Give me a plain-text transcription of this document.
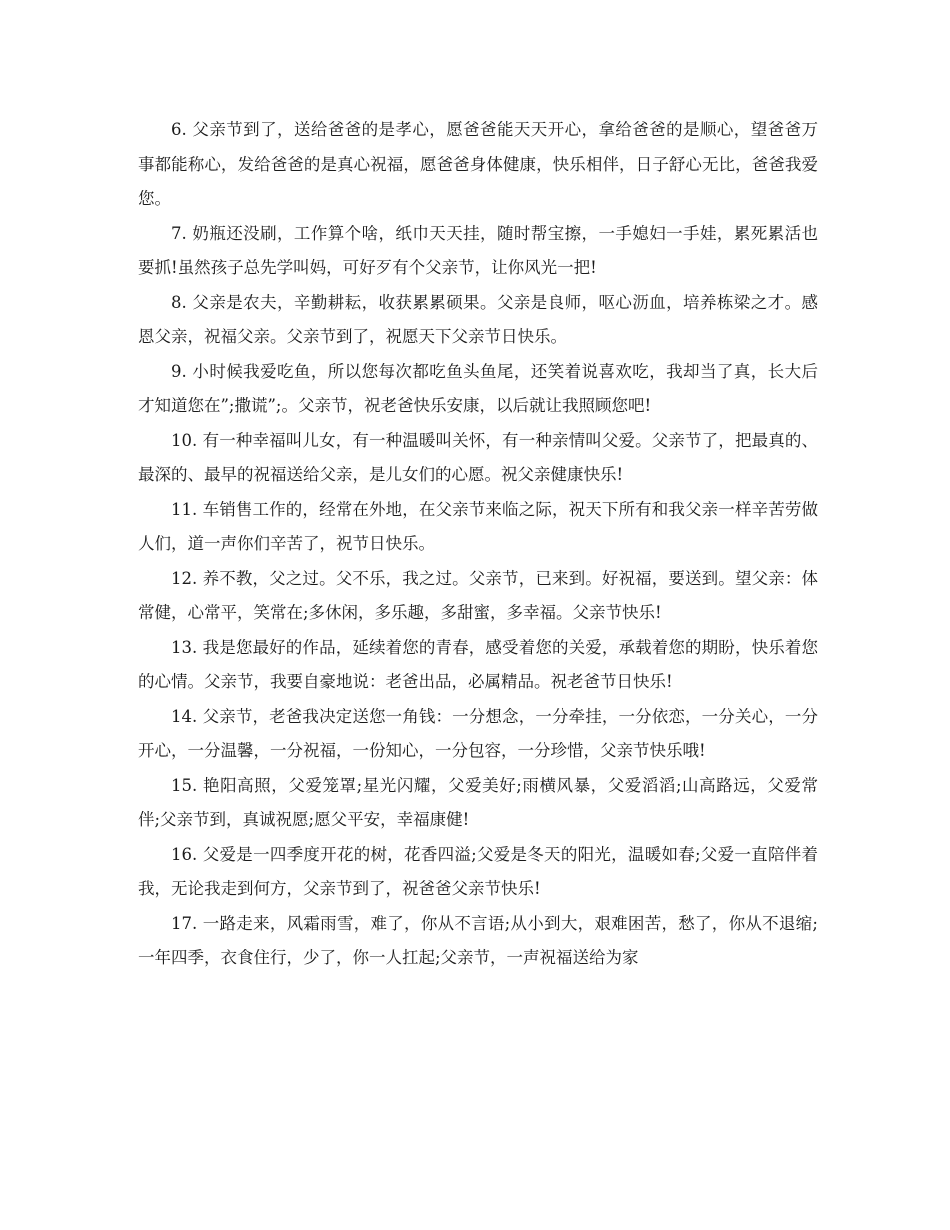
6. 父亲节到了，送给爸爸的是孝心，愿爸爸能天天开心，拿给爸爸的是顺心，望爸爸万事都能称心，发给爸爸的是真心祝福，愿爸爸身体健康，快乐相伴，日子舒心无比，爸爸我爱您。

7. 奶瓶还没刷，工作算个啥，纸巾天天挂，随时帮宝擦，一手媳妇一手娃，累死累活也要抓!虽然孩子总先学叫妈，可好歹有个父亲节，让你风光一把!

8. 父亲是农夫，辛勤耕耘，收获累累硕果。父亲是良师，呕心沥血，培养栋梁之才。感恩父亲，祝福父亲。父亲节到了，祝愿天下父亲节日快乐。

9. 小时候我爱吃鱼，所以您每次都吃鱼头鱼尾，还笑着说喜欢吃，我却当了真，长大后才知道您在”;撒谎”;。父亲节，祝老爸快乐安康，以后就让我照顾您吧!

10. 有一种幸福叫儿女，有一种温暖叫关怀，有一种亲情叫父爱。父亲节了，把最真的、最深的、最早的祝福送给父亲，是儿女们的心愿。祝父亲健康快乐!

11. 车销售工作的，经常在外地，在父亲节来临之际，祝天下所有和我父亲一样辛苦劳做人们，道一声你们辛苦了，祝节日快乐。

12. 养不教，父之过。父不乐，我之过。父亲节，已来到。好祝福，要送到。望父亲：体常健，心常平，笑常在;多休闲，多乐趣，多甜蜜，多幸福。父亲节快乐!

13. 我是您最好的作品，延续着您的青春，感受着您的关爱，承载着您的期盼，快乐着您的心情。父亲节，我要自豪地说：老爸出品，必属精品。祝老爸节日快乐!

14. 父亲节，老爸我决定送您一角钱：一分想念，一分牵挂，一分依恋，一分关心，一分开心，一分温馨，一分祝福，一份知心，一分包容，一分珍惜，父亲节快乐哦!

15. 艳阳高照，父爱笼罩;星光闪耀，父爱美好;雨横风暴，父爱滔滔;山高路远，父爱常伴;父亲节到，真诚祝愿;愿父平安，幸福康健!

16. 父爱是一四季度开花的树，花香四溢;父爱是冬天的阳光，温暖如春;父爱一直陪伴着我，无论我走到何方，父亲节到了，祝爸爸父亲节快乐!

17. 一路走来，风霜雨雪，难了，你从不言语;从小到大，艰难困苦，愁了，你从不退缩;一年四季，衣食住行，少了，你一人扛起;父亲节，一声祝福送给为家
